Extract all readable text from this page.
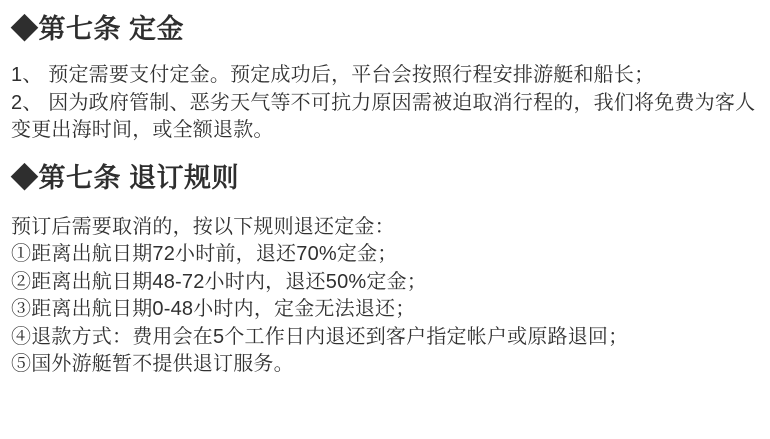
◆第七条 定金
1、 预定需要支付定金。预定成功后，平台会按照行程安排游艇和船长；
2、 因为政府管制、恶劣天气等不可抗力原因需被迫取消行程的，我们将免费为客人
变更出海时间，或全额退款。
◆第七条 退订规则
预订后需要取消的，按以下规则退还定金：
①距离出航日期72小时前，退还70%定金；
②距离出航日期48-72小时内，退还50%定金；
③距离出航日期0-48小时内，定金无法退还；
④退款方式：费用会在5个工作日内退还到客户指定帐户或原路退回；
⑤国外游艇暂不提供退订服务。
